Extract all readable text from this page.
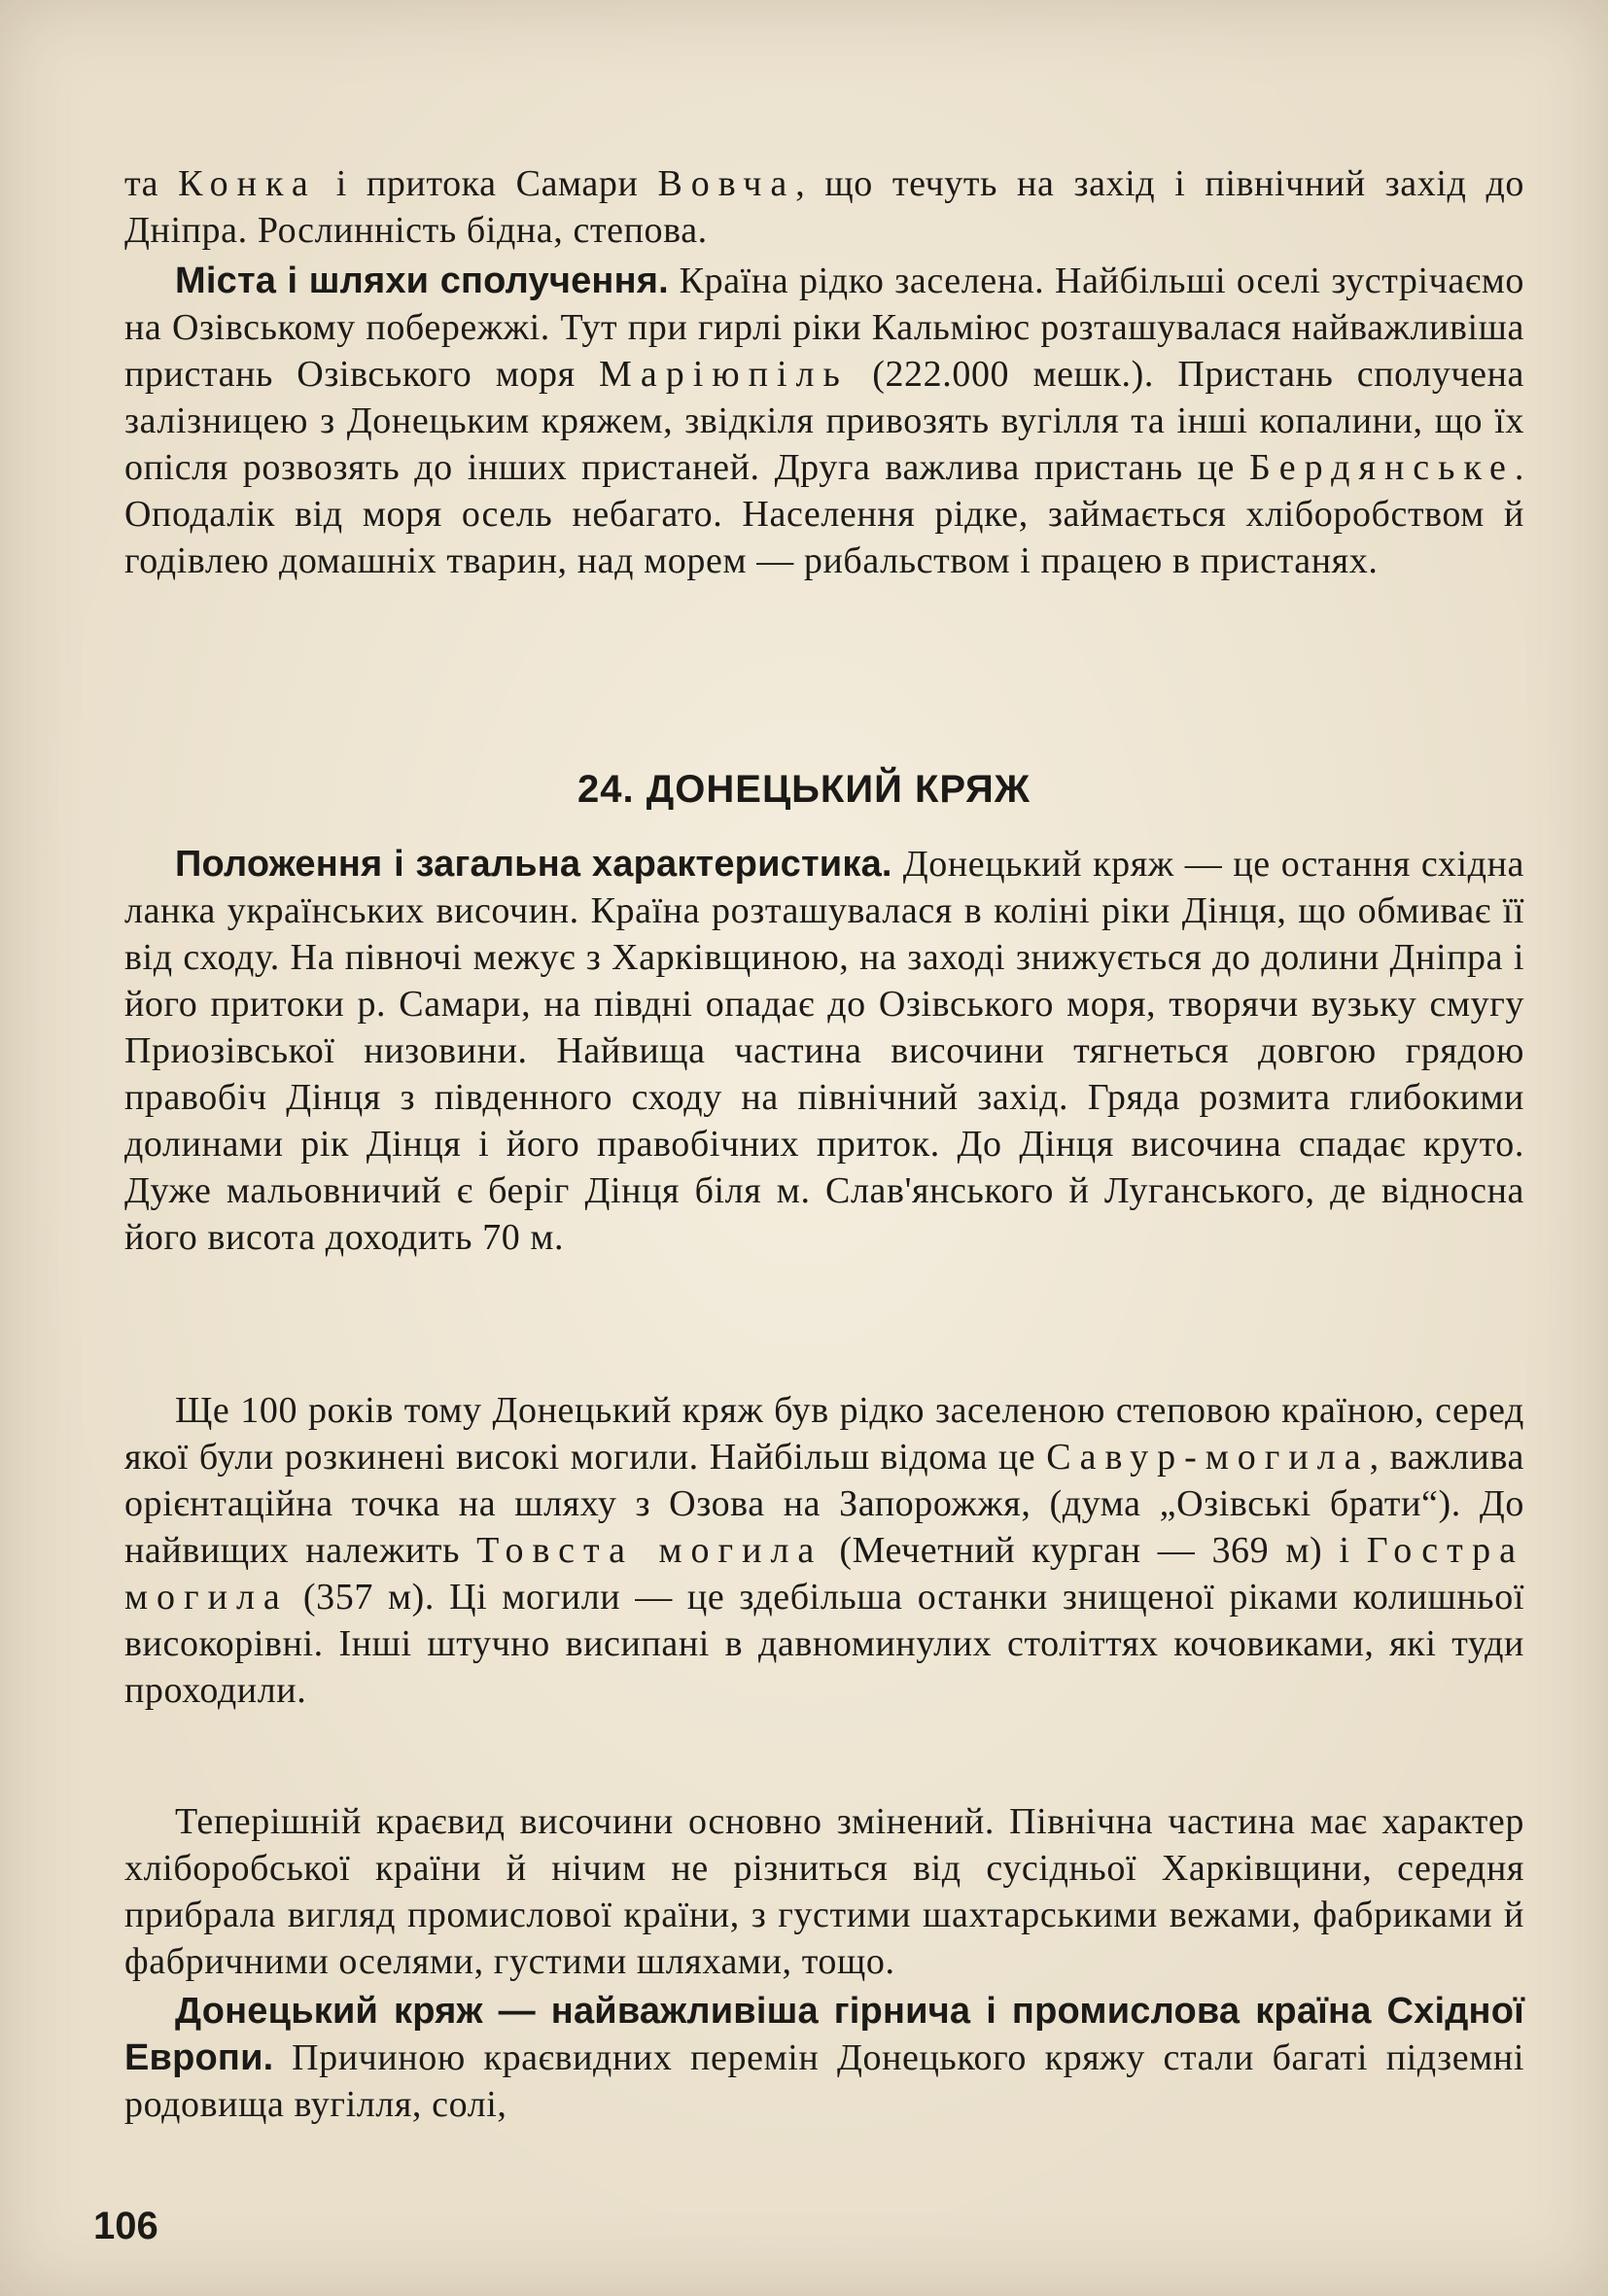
та Конка і притока Самари Вовча, що течуть на захід і північний захід до Дніпра. Рослинність бідна, степова.

Міста і шляхи сполучення. Країна рідко заселена. Найбільші оселі зустрічаємо на Озівському побережжі. Тут при гирлі ріки Кальміюс розташувалася найважливіша пристань Озівського моря Маріюпіль (222.000 мешк.). Пристань сполучена залізницею з Донецьким кряжем, звідкіля привозять вугілля та інші копалини, що їх опісля розвозять до інших пристаней. Друга важлива пристань це Бердянське. Оподалік від моря осель небагато. Населення рідке, займається хліборобством й годівлею домашніх тварин, над морем — рибальством і працею в пристанях.

24. ДОНЕЦЬКИЙ КРЯЖ

Положення і загальна характеристика. Донецький кряж — це остання східна ланка українських височин. Країна розташувалася в коліні ріки Дінця, що обмиває її від сходу. На півночі межує з Харківщиною, на заході знижується до долини Дніпра і його притоки р. Самари, на півдні опадає до Озівського моря, творячи вузьку смугу Приозівської низовини. Найвища частина височини тягнеться довгою грядою правобіч Дінця з південного сходу на північний захід. Гряда розмита глибокими долинами рік Дінця і його правобічних приток. До Дінця височина спадає круто. Дуже мальовничий є беріг Дінця біля м. Слав'янського й Луганського, де відносна його висота доходить 70 м.

Ще 100 років тому Донецький кряж був рідко заселеною степовою країною, серед якої були розкинені високі могили. Найбільш відома це Савур-могила, важлива орієнтаційна точка на шляху з Озова на Запорожжя, (дума „Озівські брати“). До найвищих належить Товста могила (Мечетний курган — 369 м) і Гостра могила (357 м). Ці могили — це здебільша останки знищеної ріками колишньої високорівні. Інші штучно висипані в давноминулих століттях кочовиками, які туди проходили.

Теперішній краєвид височини основно змінений. Північна частина має характер хліборобської країни й нічим не різниться від сусідньої Харківщини, середня прибрала вигляд промислової країни, з густими шахтарськими вежами, фабриками й фабричними оселями, густими шляхами, тощо.

Донецький кряж — найважливіша гірнича і промислова країна Східної Европи. Причиною краєвидних перемін Донецького кряжу стали багаті підземні родовища вугілля, солі,

106
